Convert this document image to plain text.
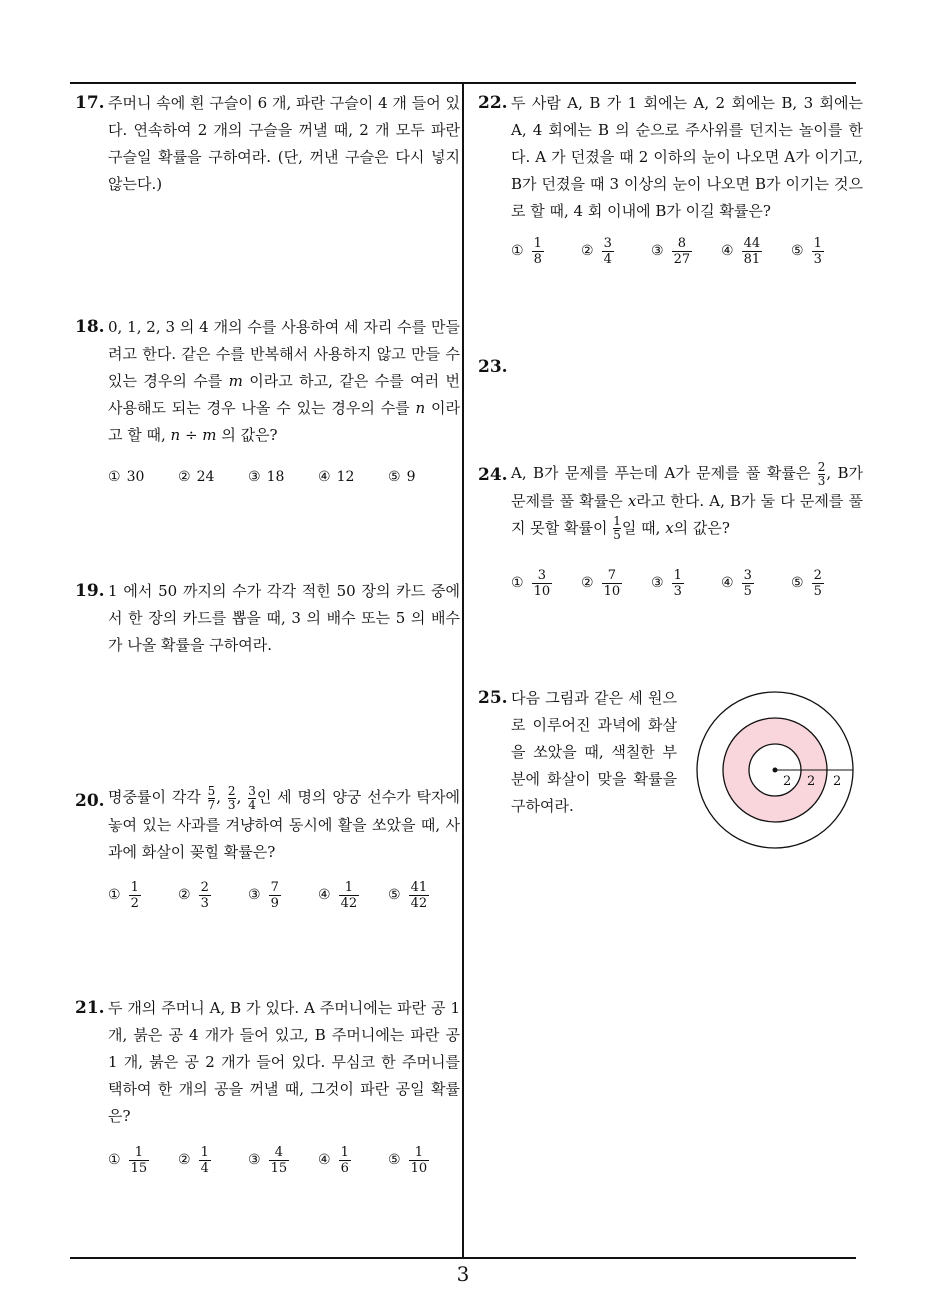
17. 주머니 속에 흰 구슬이 6 개, 파란 구슬이 4 개 들어 있다. 연속하여 2 개의 구슬을 꺼낼 때, 2 개 모두 파란 구슬일 확률을 구하여라. (단, 꺼낸 구슬은 다시 넣지 않는다.)
18. 0, 1, 2, 3 의 4 개의 수를 사용하여 세 자리 수를 만들려고 한다. 같은 수를 반복해서 사용하지 않고 만들 수 있는 경우의 수를 m 이라고 하고, 같은 수를 여러 번 사용해도 되는 경우 나올 수 있는 경우의 수를 n 이라고 할 때, n ÷ m 의 값은?
① 30 ② 24 ③ 18 ④ 12 ⑤ 9
19. 1 에서 50 까지의 수가 각각 적힌 50 장의 카드 중에서 한 장의 카드를 뽑을 때, 3 의 배수 또는 5 의 배수가 나올 확률을 구하여라.
20. 명중률이 각각 $\frac{5}{7}$ , $\frac{2}{3}$ , $\frac{3}{4}$ 인 세 명의 양궁 선수가 탁자에 놓여 있는 사과를 겨냥하여 동시에 활을 쏘았을 때, 사과에 화살이 꽂힐 확률은?
① $\frac{1}{2}$	② $\frac{2}{3}$	③ $\frac{7}{9}$	④ $\frac{1}{42}$ ⑤ $\frac{41}{42}$
21. 두 개의 주머니 A, B 가 있다. A 주머니에는 파란 공 1 개, 붉은 공 4 개가 들어 있고, B 주머니에는 파란 공 1 개, 붉은 공 2 개가 들어 있다. 무심코 한 주머니를 택하여 한 개의 공을 꺼낼 때, 그것이 파란 공일 확률은?
① $\frac{1}{15}$ ② $\frac{1}{4}$	③ $\frac{4}{15}$ ④ $\frac{1}{6}$	⑤ $\frac{1}{10}$
22. 두 사람 A, B 가 1 회에는 A, 2 회에는 B, 3 회에는 A, 4 회에는 B 의 순으로 주사위를 던지는 놀이를 한다. A 가 던졌을 때 2 이하의 눈이 나오면 A가 이기고, B가 던졌을 때 3 이상의 눈이 나오면 B가 이기는 것으로 할 때, 4 회 이내에 B가 이길 확률은?
① $\frac{1}{8}$	② $\frac{3}{4}$	③ $\frac{8}{27}$ ④ $\frac{44}{81}$ ⑤ $\frac{1}{3}$
23.
24. A, B가 문제를 푸는데 A가 문제를 풀 확률은 $\frac{2}{3}$ , B가 문제를 풀 확률은 x라고 한다. A, B가 둘 다 문제를 풀지 못할 확률이 $\frac{1}{5}$ 일 때, x의 값은?
① $\frac{3}{10}$ ② $\frac{7}{10}$ ③ $\frac{1}{3}$	④ $\frac{3}{5}$	⑤ $\frac{2}{5}$
25. 다음 그림과 같은 세 원으로 이루어진 과녁에 화살을 쏘았을 때, 색칠한 부분에 화살이 맞을 확률을 구하여라.
2 2 2
3
